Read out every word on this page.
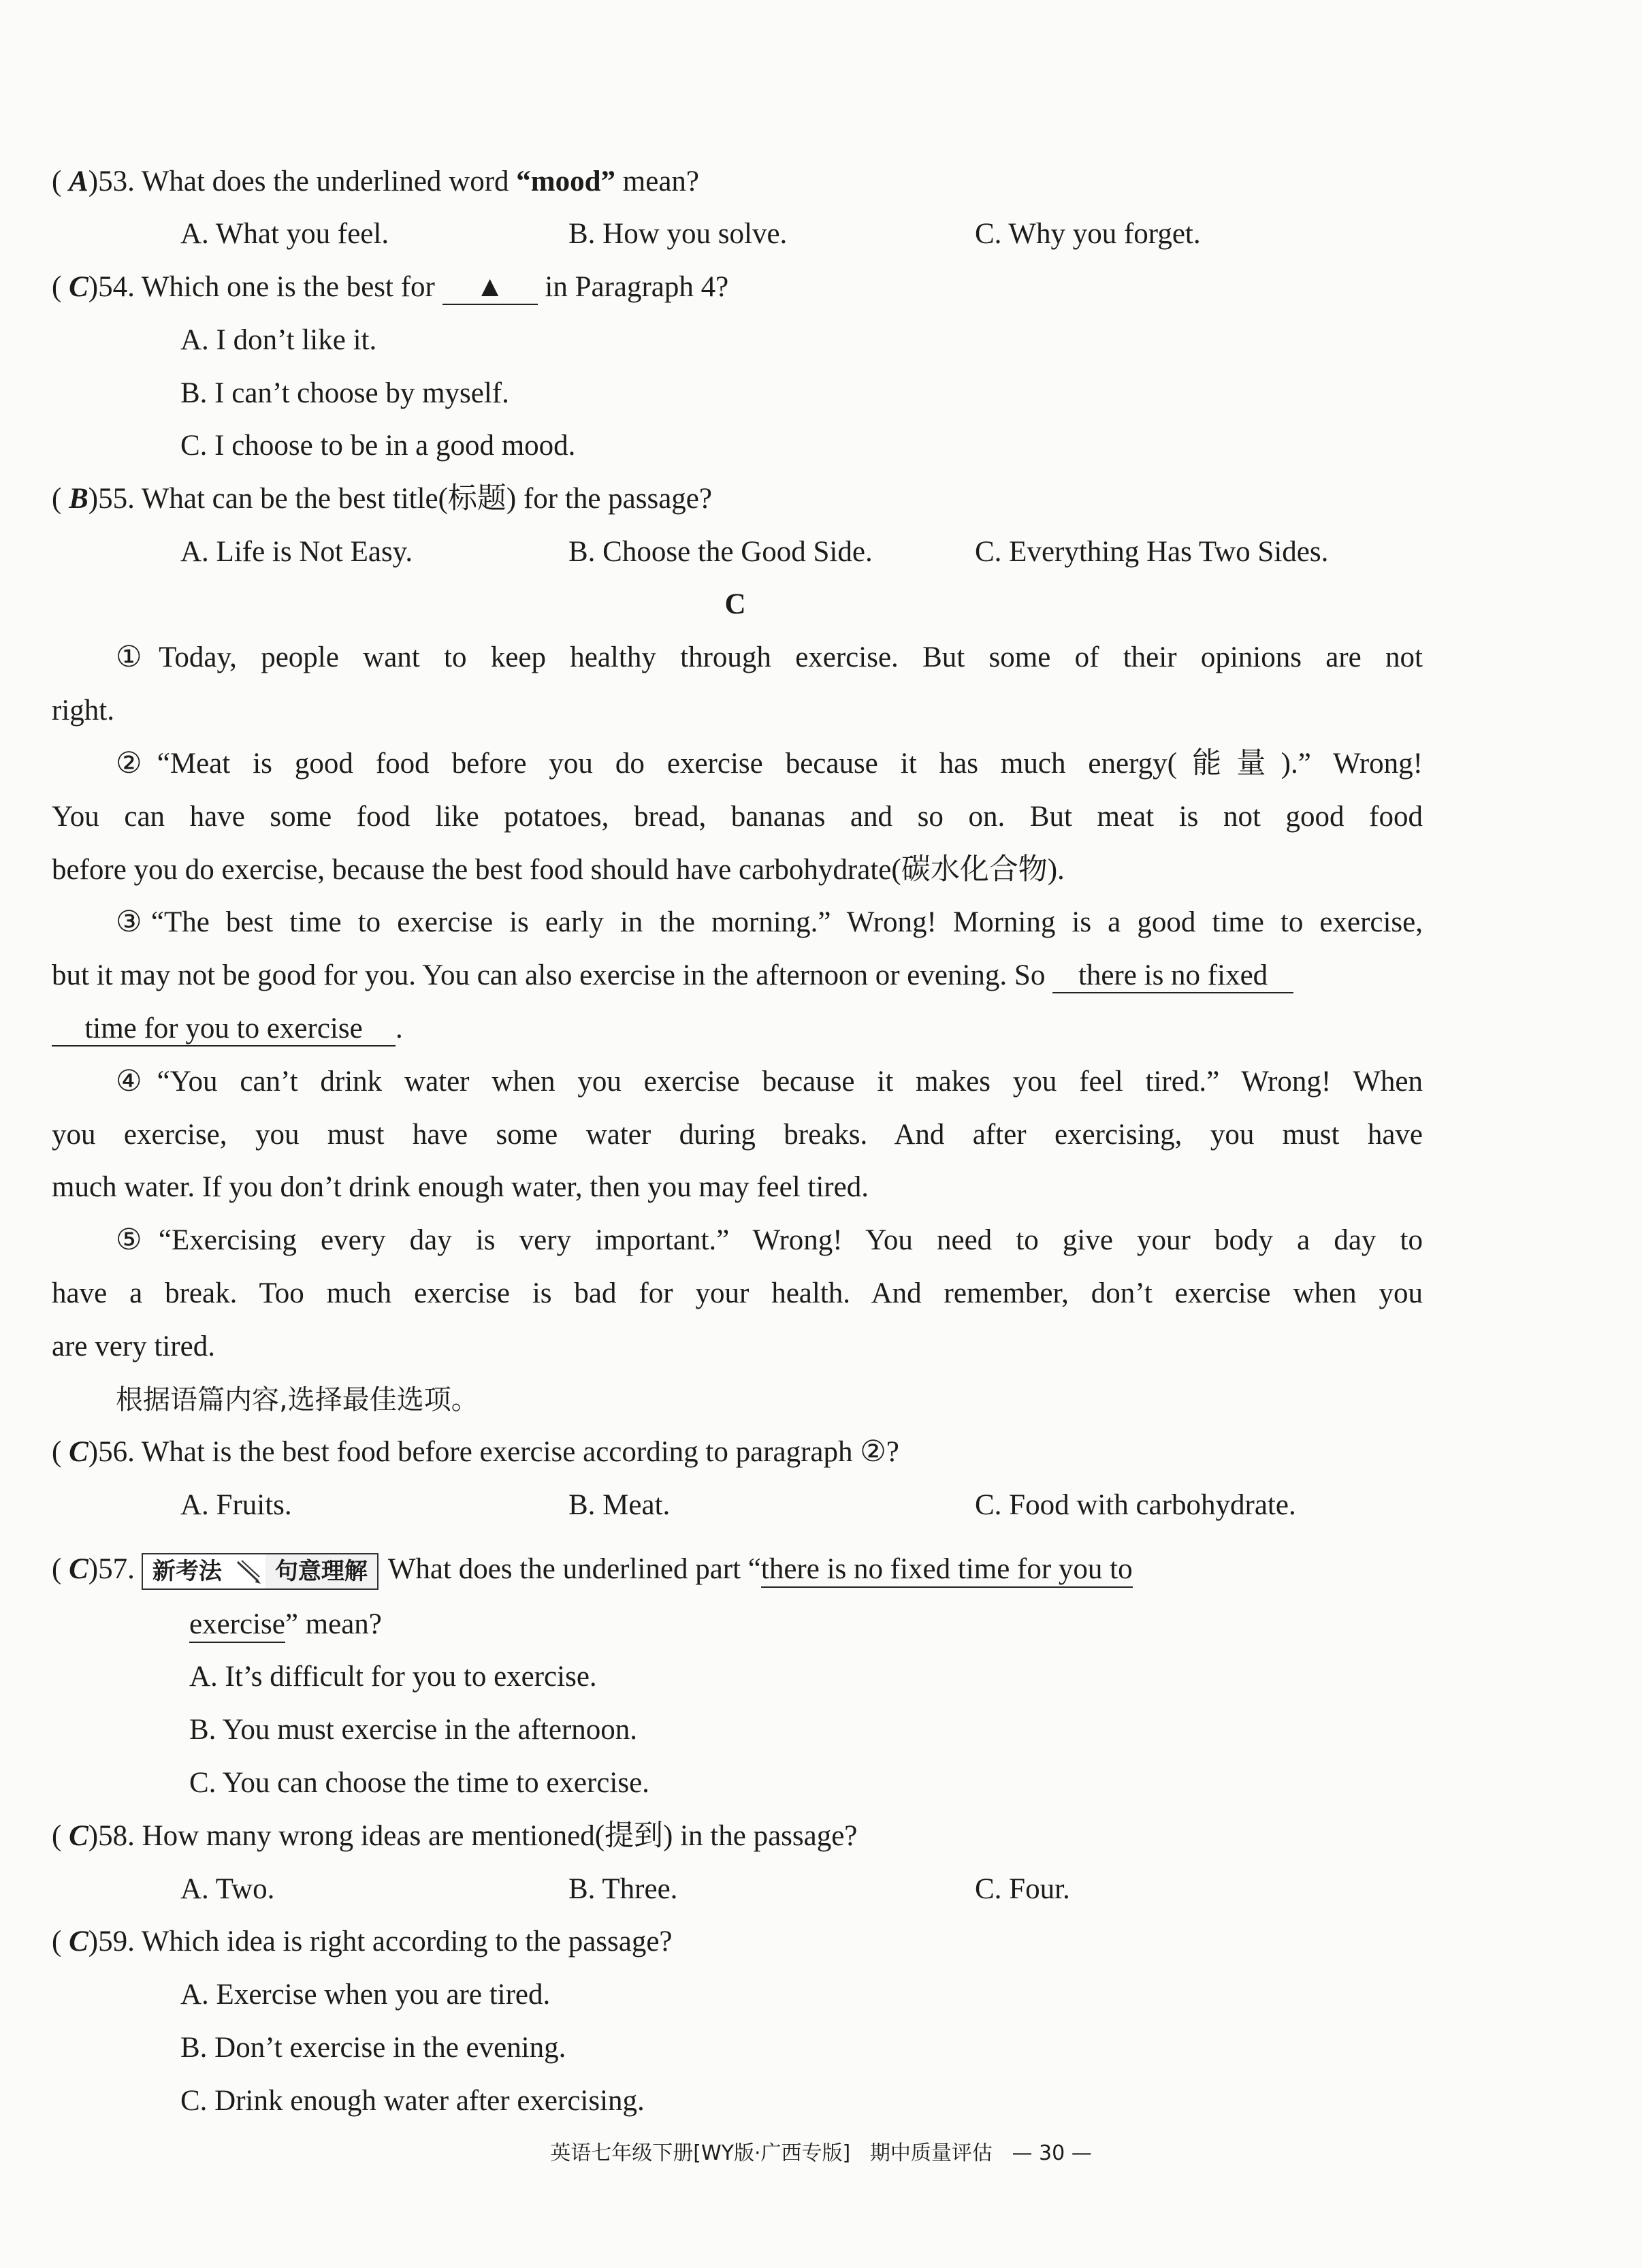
( A)53. What does the underlined word “mood” mean?
A. What you feel.	B. How you solve.	C. Why you forget.
( C)54. Which one is the best for ▲ in Paragraph 4?
A. I don’t like it.
B. I can’t choose by myself.
C. I choose to be in a good mood.
( B)55. What can be the best title(标题) for the passage?
A. Life is Not Easy.	B. Choose the Good Side.	C. Everything Has Two Sides.
C
①Today, people want to keep healthy through exercise. But some of their opinions are not
right.
②“Meat is good food before you do exercise because it has much energy(能量).” Wrong!
You can have some food like potatoes, bread, bananas and so on. But meat is not good food
before you do exercise, because the best food should have carbohydrate(碳水化合物).
③“The best time to exercise is early in the morning.” Wrong! Morning is a good time to exercise,
but it may not be good for you. You can also exercise in the afternoon or evening. So there is no fixed
time for you to exercise .
④“You can’t drink water when you exercise because it makes you feel tired.” Wrong! When
you exercise, you must have some water during breaks. And after exercising, you must have
much water. If you don’t drink enough water, then you may feel tired.
⑤“Exercising every day is very important.” Wrong! You need to give your body a day to
have a break. Too much exercise is bad for your health. And remember, don’t exercise when you
are very tired.
根据语篇内容,选择最佳选项。
( C)56. What is the best food before exercise according to paragraph ②?
A. Fruits.	B. Meat.	C. Food with carbohydrate.
( C)57. 新考法	句意理解 What does the underlined part “there is no fixed time for you to
exercise” mean?
A. It’s difficult for you to exercise.
B. You must exercise in the afternoon.
C. You can choose the time to exercise.
( C)58. How many wrong ideas are mentioned(提到) in the passage?
A. Two.	B. Three.	C. Four.
( C)59. Which idea is right according to the passage?
A. Exercise when you are tired.
B. Don’t exercise in the evening.
C. Drink enough water after exercising.
英语七年级下册[WY版·广西专版] 期中质量评估 — 30 —
